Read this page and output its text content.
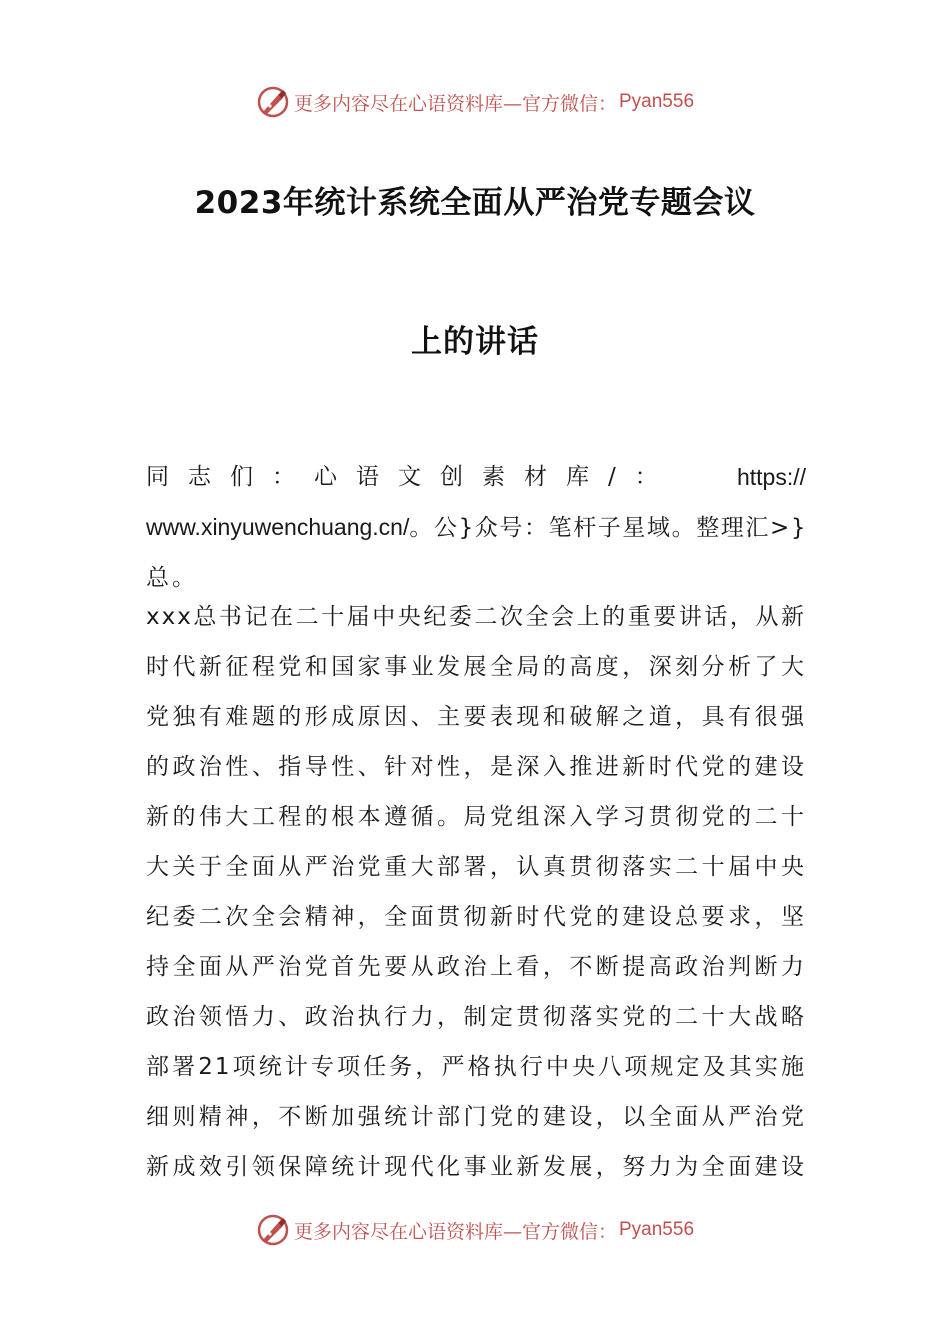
更多内容尽在心语资料库—官方微信： Pyan556
2023年统计系统全面从严治党专题会议
上的讲话
同志们：心语文创素材库/：	https://
www.xinyuwenchuang.cn/。公}众号：笔杆子星域。整理汇>}
总。
xxx总书记在二十届中央纪委二次全会上的重要讲话，从新
时代新征程党和国家事业发展全局的高度，深刻分析了大
党独有难题的形成原因、主要表现和破解之道，具有很强
的政治性、指导性、针对性，是深入推进新时代党的建设
新的伟大工程的根本遵循。局党组深入学习贯彻党的二十
大关于全面从严治党重大部署，认真贯彻落实二十届中央
纪委二次全会精神，全面贯彻新时代党的建设总要求，坚
持全面从严治党首先要从政治上看，不断提高政治判断力
政治领悟力、政治执行力，制定贯彻落实党的二十大战略
部署21项统计专项任务，严格执行中央八项规定及其实施
细则精神，不断加强统计部门党的建设，以全面从严治党
新成效引领保障统计现代化事业新发展，努力为全面建设
更多内容尽在心语资料库—官方微信： Pyan556
